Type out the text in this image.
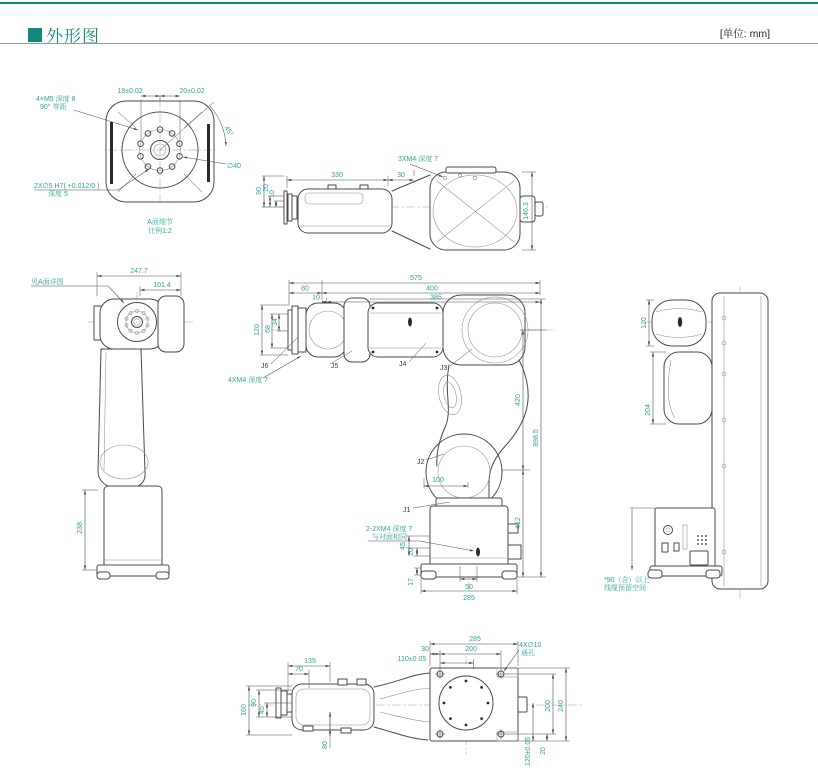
外形图	[单位: mm]
19±0.02	20±0.02
4×M5 深度 8
90° 等距
45°
∅40
2X∅5 H7( +0.012/0 )
深度 5
A面细节
比例1:2
330	30
3XM4 深度 7
146.3
90 20
10
247.7
101.4
见A面详图
238
575
400
385
80
10
120 68
34
J6	J5
4XM4 深度 7
J4
J3
J2
J1
100
420
412
898.5
2-2XM4 深度 7
与对面相同
20
45
17
50
285
120
204
*90（含）以上
线缆预留空间
285
200
30
110±0.05
4X∅10
通孔
135
70
160
90
45
80
240
200
20
120±0.05
